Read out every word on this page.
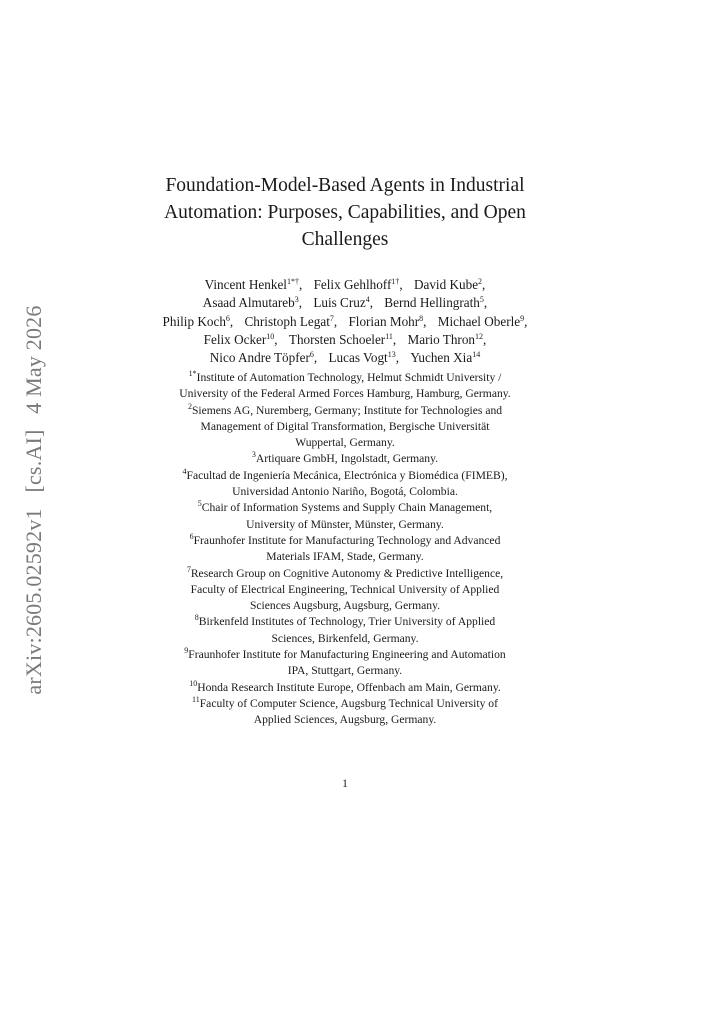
arXiv:2605.02592v1 [cs.AI] 4 May 2026
Foundation-Model-Based Agents in Industrial
Automation: Purposes, Capabilities, and Open
Challenges
Vincent Henkel$^{1*\dagger}$, Felix Gehlhoff$^{1\dagger}$, David Kube$^2$,
Asaad Almutareb$^3$, Luis Cruz$^4$, Bernd Hellingrath$^5$,
Philip Koch$^6$, Christoph Legat$^7$, Florian Mohr$^8$, Michael Oberle$^9$,
Felix Ocker$^{10}$, Thorsten Schoeler$^{11}$, Mario Thron$^{12}$,
Nico Andre Töpfer$^6$, Lucas Vogt$^{13}$, Yuchen Xia$^{14}$
$^{1*}$Institute of Automation Technology, Helmut Schmidt University /
University of the Federal Armed Forces Hamburg, Hamburg, Germany.
$^2$Siemens AG, Nuremberg, Germany; Institute for Technologies and
Management of Digital Transformation, Bergische Universität
Wuppertal, Germany.
$^3$Artiquare GmbH, Ingolstadt, Germany.
$^4$Facultad de Ingeniería Mecánica, Electrónica y Biomédica (FIMEB),
Universidad Antonio Nariño, Bogotá, Colombia.
$^5$Chair of Information Systems and Supply Chain Management,
University of Münster, Münster, Germany.
$^6$Fraunhofer Institute for Manufacturing Technology and Advanced
Materials IFAM, Stade, Germany.
$^7$Research Group on Cognitive Autonomy & Predictive Intelligence,
Faculty of Electrical Engineering, Technical University of Applied
Sciences Augsburg, Augsburg, Germany.
$^8$Birkenfeld Institutes of Technology, Trier University of Applied
Sciences, Birkenfeld, Germany.
$^9$Fraunhofer Institute for Manufacturing Engineering and Automation
IPA, Stuttgart, Germany.
$^{10}$Honda Research Institute Europe, Offenbach am Main, Germany.
$^{11}$Faculty of Computer Science, Augsburg Technical University of
Applied Sciences, Augsburg, Germany.
1
